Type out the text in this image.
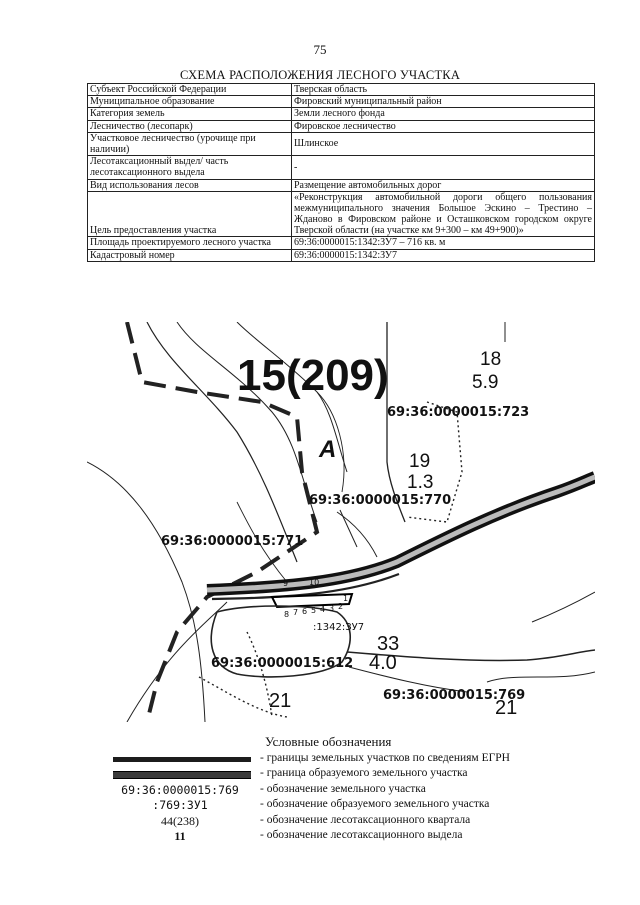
75
СХЕМА РАСПОЛОЖЕНИЯ ЛЕСНОГО УЧАСТКА
Субъект Российской Федерации	Тверская область
Муниципальное образование	Фировский муниципальный район
Категория земель	Земли лесного фонда
Лесничество (лесопарк)	Фировское лесничество
Участковое лесничество (урочище при наличии)	Шлинское
Лесотаксационный выдел/ часть лесотаксационного выдела	-
Вид использования лесов	Размещение автомобильных дорог
Цель предоставления участка	«Реконструкция автомобильной дороги общего пользования межмуниципального значения Большое Эскино – Трестино – Жданово в Фировском районе и Осташковском городском округе Тверской области (на участке км 9+300 – км 49+900)»
Площадь проектируемого лесного участка	69:36:0000015:1342:ЗУ7 – 716 кв. м
Кадастровый номер	69:36:0000015:1342:ЗУ7
15(209)
А
18
5.9
19
1.3
33
4.0
21	21
69:36:0000015:723
69:36:0000015:770
69:36:0000015:771
69:36:0000015:612
69:36:0000015:769
:1342:ЗУ7
8 7 6 5 4 3 2
1
10
9
Условные обозначения
- границы земельных участков по сведениям ЕГРН
- граница образуемого земельного участка
69:36:0000015:769	- обозначение земельного участка
:769:ЗУ1	- обозначение образуемого земельного участка
44(238)	- обозначение лесотаксационного квартала
11	- обозначение лесотаксационного выдела
